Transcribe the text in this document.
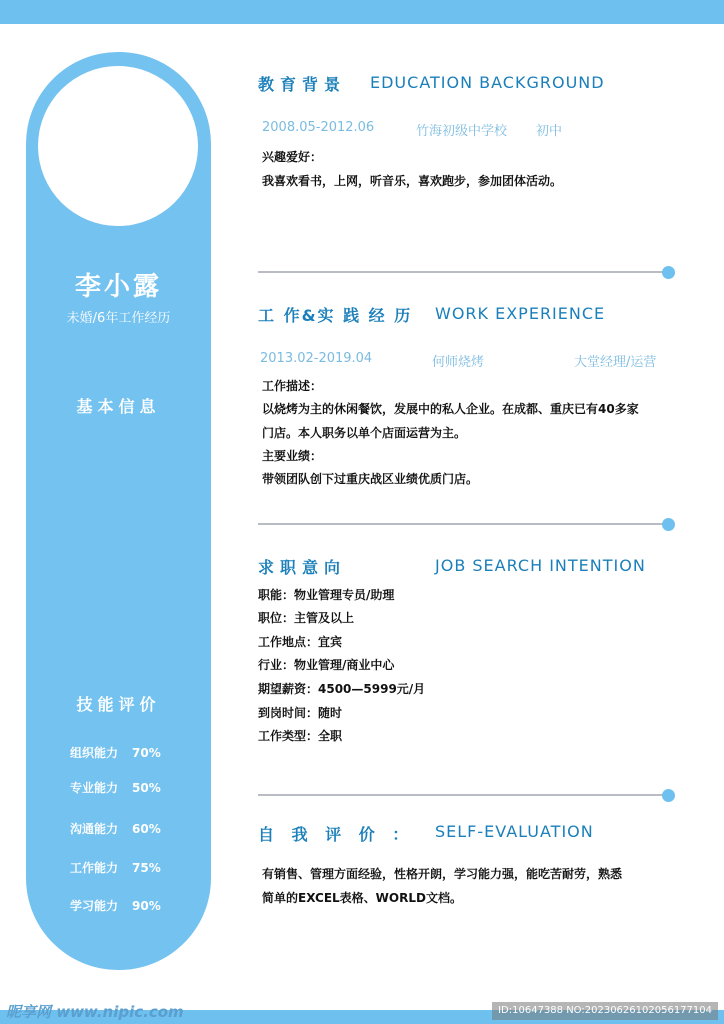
李小露
未婚/6年工作经历
基本信息
技能评价
组织能力 70%
专业能力 50%
沟通能力 60%
工作能力 75%
学习能力 90%
教育背景 EDUCATION BACKGROUND
2008.05-2012.06	竹海初级中学校 初中
兴趣爱好：
我喜欢看书，上网，听音乐，喜欢跑步，参加团体活动。
工 作&实 践 经 历 WORK EXPERIENCE
2013.02-2019.04	何师烧烤	大堂经理/运营
工作描述：
以烧烤为主的休闲餐饮，发展中的私人企业。在成都、重庆已有40多家
门店。本人职务以单个店面运营为主。
主要业绩：
带领团队创下过重庆战区业绩优质门店。
求职意向	JOB SEARCH INTENTION
职能：物业管理专员/助理
职位：主管及以上
工作地点：宜宾
行业：物业管理/商业中心
期望薪资：4500—5999元/月
到岗时间：随时
工作类型：全职
自 我 评 价 ： SELF-EVALUATION
有销售、管理方面经验，性格开朗，学习能力强，能吃苦耐劳，熟悉
简单的EXCEL表格、WORLD文档。
昵享网 www.nipic.com	ID:10647388 NO:20230626102056177104
